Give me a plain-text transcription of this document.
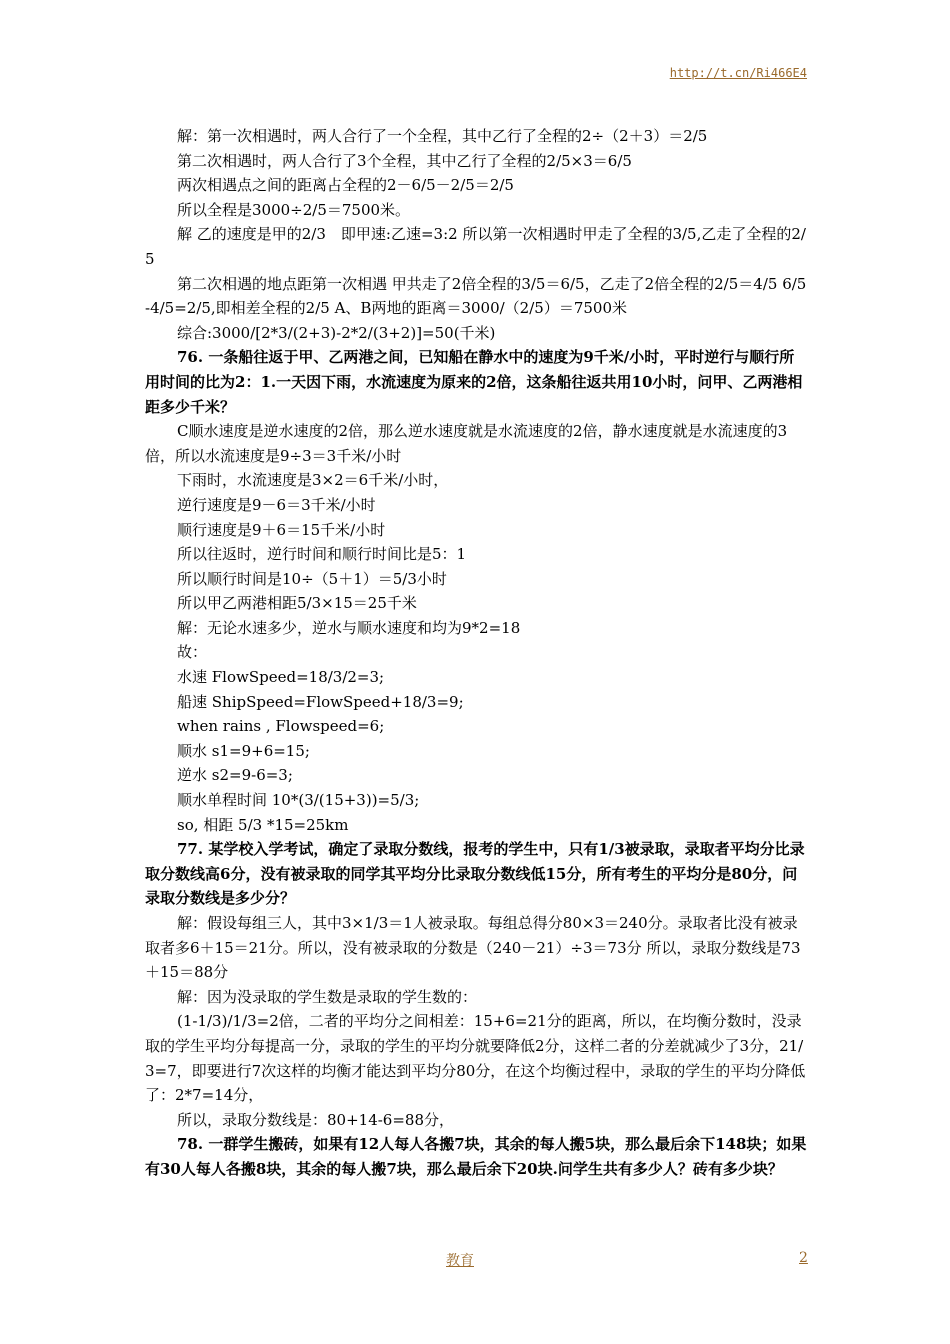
http://t.cn/Ri466E4

解：第一次相遇时，两人合行了一个全程，其中乙行了全程的2÷（2＋3）＝2/5

第二次相遇时，两人合行了3个全程，其中乙行了全程的2/5×3＝6/5

两次相遇点之间的距离占全程的2－6/5－2/5＝2/5

所以全程是3000÷2/5＝7500米。

解 乙的速度是甲的2/3　即甲速:乙速=3:2 所以第一次相遇时甲走了全程的3/5,乙走了全程的2/5

第二次相遇的地点距第一次相遇 甲共走了2倍全程的3/5＝6/5，乙走了2倍全程的2/5＝4/5 6/5-4/5=2/5,即相差全程的2/5 A、B两地的距离＝3000/（2/5）＝7500米

综合:3000/[2*3/(2+3)-2*2/(3+2)]=50(千米)

76. 一条船往返于甲、乙两港之间，已知船在静水中的速度为9千米/小时，平时逆行与顺行所用时间的比为2：1.一天因下雨，水流速度为原来的2倍，这条船往返共用10小时，问甲、乙两港相距多少千米？

C顺水速度是逆水速度的2倍，那么逆水速度就是水流速度的2倍，静水速度就是水流速度的3倍，所以水流速度是9÷3＝3千米/小时

下雨时，水流速度是3×2＝6千米/小时，

逆行速度是9－6＝3千米/小时

顺行速度是9＋6＝15千米/小时

所以往返时，逆行时间和顺行时间比是5：1

所以顺行时间是10÷（5＋1）＝5/3小时

所以甲乙两港相距5/3×15＝25千米

解：无论水速多少，逆水与顺水速度和均为9*2=18

故：

水速 FlowSpeed=18/3/2=3;

船速 ShipSpeed=FlowSpeed+18/3=9;

when rains , Flowspeed=6;

顺水 s1=9+6=15;

逆水 s2=9-6=3;

顺水单程时间 10*(3/(15+3))=5/3;

so, 相距 5/3 *15=25km

77. 某学校入学考试，确定了录取分数线，报考的学生中，只有1/3被录取，录取者平均分比录取分数线高6分，没有被录取的同学其平均分比录取分数线低15分，所有考生的平均分是80分，问录取分数线是多少分？

解：假设每组三人，其中3×1/3＝1人被录取。每组总得分80×3＝240分。录取者比没有被录取者多6＋15＝21分。所以，没有被录取的分数是（240－21）÷3＝73分 所以，录取分数线是73＋15＝88分

解：因为没录取的学生数是录取的学生数的：

(1-1/3)/1/3=2倍，二者的平均分之间相差：15+6=21分的距离，所以，在均衡分数时，没录取的学生平均分每提高一分，录取的学生的平均分就要降低2分，这样二者的分差就减少了3分，21/3=7，即要进行7次这样的均衡才能达到平均分80分，在这个均衡过程中，录取的学生的平均分降低了：2*7=14分，

所以，录取分数线是：80+14-6=88分，

78. 一群学生搬砖，如果有12人每人各搬7块，其余的每人搬5块，那么最后余下148块；如果有30人每人各搬8块，其余的每人搬7块，那么最后余下20块.问学生共有多少人？砖有多少块？

教育	2
